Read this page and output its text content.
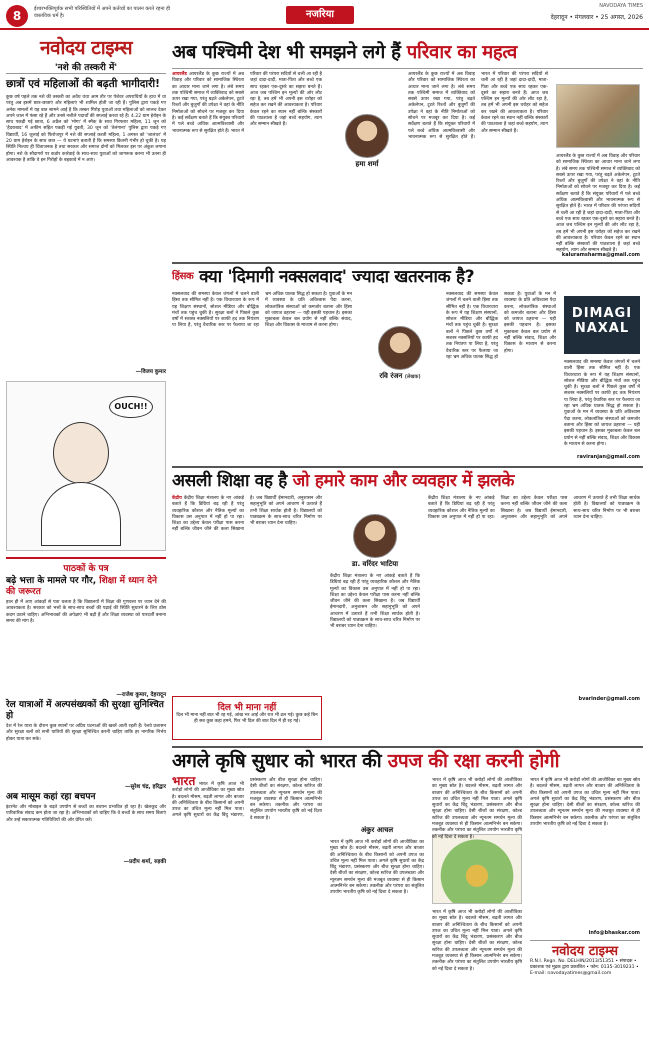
8	ईश्वरभक्तिपूर्वक सभी परिस्थितियों में अपने कर्तव्यों का पालन करते रहना ही वास्तविक धर्म है।	नजरिया
NAVODAYA TIMES
देहरादून • मंगलवार • 25 अगस्त, 2026
नवोदय टाइम्स
'नशे की तस्करी में'
छात्रों एवं महिलाओं की बढ़ती भागीदारी!
कुछ वर्ष पहले तक नशे की तस्करी का अवैध धंधा आम तौर पर पेशेवर अपराधियों के हाथ में था परंतु अब इसमें छात्र-छात्राएं और महिलाएं भी शामिल होती जा रही हैं। पुलिस द्वारा पकड़े गए अनेक मामलों में यह बात सामने आई है कि तस्कर गिरोह युवाओं तथा महिलाओं को लालच देकर अपने जाल में फंसा रहे हैं और उनसे नशीले पदार्थों की सप्लाई करवा रहे हैं। 4.22 ग्राम हेरोइन के साथ पकड़ी गई छात्रा, 6 अप्रैल को 'मोगा' में स्मैक के साथ गिरफ्तार महिला, 11 जून को 'हैदराबाद' में अफीम सहित पकड़ी गई युवती, 30 जून को 'तेलंगाना' पुलिस द्वारा पकड़े गए विद्यार्थी, 16 जुलाई को फिरोजपुर में नशे की सप्लाई करती महिला, 1 अगस्त को 'जालंधर' में 20 ग्राम हेरोइन के साथ छात्र — ये घटनाएं बताती हैं कि समस्या कितनी गंभीर हो चुकी है। यह स्थिति निश्चय ही चिंताजनक है तथा सरकार और समाज दोनों को मिलकर इस पर अंकुश लगाना होगा। नशे के सौदागरों पर कठोर कार्रवाई के साथ-साथ युवाओं को जागरूक करना भी उतना ही आवश्यक है ताकि वे इन गिरोहों के बहकावे में न आएं।
—विजय कुमार
OUCH!!
पाठकों के पत्र
बढ़े भत्ता के मामले पर गौर, शिक्षा में ध्यान देने की जरूरत
हाल ही में आए आंकड़ों से पता चलता है कि विद्यालयों में शिक्षा की गुणवत्ता पर ध्यान देने की आवश्यकता है। सरकार को भत्तों के साथ-साथ बच्चों की पढ़ाई की स्थिति सुधारने के लिए ठोस कदम उठाने चाहिए। अभिभावकों की अपेक्षाएं भी बढ़ी हैं और शिक्षा व्यवस्था को पारदर्शी बनाना समय की मांग है।
—राजेश कुमार, देहरादून
रेल यात्राओं में अल्पसंख्यकों की सुरक्षा सुनिश्चित हो
देश में रेल यात्रा के दौरान कुछ स्थानों पर अप्रिय घटनाओं की खबरें आती रहती हैं। रेलवे प्रशासन और सुरक्षा बलों को सभी यात्रियों की सुरक्षा सुनिश्चित करनी चाहिए ताकि हर नागरिक निर्भय होकर यात्रा कर सके।
—सुरेश चंद्र, हरिद्वार
अब मासूम कहां रहा बचपन
इंटरनेट और मोबाइल के बढ़ते उपयोग से बच्चों का बचपन प्रभावित हो रहा है। खेलकूद और पारिवारिक संवाद कम होता जा रहा है। अभिभावकों को चाहिए कि वे बच्चों के साथ समय बिताएं और उन्हें सकारात्मक गतिविधियों की ओर प्रेरित करें।
—प्रदीप शर्मा, रुड़की
अब पश्चिमी देश भी समझने लगे हैं परिवार का महत्व
आयरलैंड आयरलैंड के कुछ राज्यों में अब विवाह और परिवार को सामाजिक स्थिरता का आधार माना जाने लगा है। लंबे समय तक पश्चिमी समाज में व्यक्तिवाद को सबसे ऊपर रखा गया, परंतु बढ़ते अकेलेपन, टूटते रिश्तों और बुजुर्गों की उपेक्षा ने वहां के नीति निर्माताओं को सोचने पर मजबूर कर दिया है। कई सर्वेक्षण बताते हैं कि संयुक्त परिवारों में पले बच्चे अधिक आत्मविश्वासी और भावनात्मक रूप से सुरक्षित होते हैं। भारत में परिवार की परंपरा सदियों से चली आ रही है जहां दादा-दादी, माता-पिता और बच्चे एक साथ रहकर एक-दूसरे का सहारा बनते हैं। आज जब पश्चिम इन मूल्यों की ओर लौट रहा है, तब हमें भी अपनी इस धरोहर को सहेज कर रखने की आवश्यकता है। परिवार केवल रहने का स्थान नहीं बल्कि संस्कारों की पाठशाला है जहां बच्चे सहयोग, त्याग और सम्मान सीखते हैं।
हमा शर्मा
आयरलैंड के कुछ राज्यों में अब विवाह और परिवार को सामाजिक स्थिरता का आधार माना जाने लगा है। लंबे समय तक पश्चिमी समाज में व्यक्तिवाद को सबसे ऊपर रखा गया, परंतु बढ़ते अकेलेपन, टूटते रिश्तों और बुजुर्गों की उपेक्षा ने वहां के नीति निर्माताओं को सोचने पर मजबूर कर दिया है। कई सर्वेक्षण बताते हैं कि संयुक्त परिवारों में पले बच्चे अधिक आत्मविश्वासी और भावनात्मक रूप से सुरक्षित होते हैं। भारत में परिवार की परंपरा सदियों से चली आ रही है जहां दादा-दादी, माता-पिता और बच्चे एक साथ रहकर एक-दूसरे का सहारा बनते हैं। आज जब पश्चिम इन मूल्यों की ओर लौट रहा है, तब हमें भी अपनी इस धरोहर को सहेज कर रखने की आवश्यकता है। परिवार केवल रहने का स्थान नहीं बल्कि संस्कारों की पाठशाला है जहां बच्चे सहयोग, त्याग और सम्मान सीखते हैं।
आयरलैंड के कुछ राज्यों में अब विवाह और परिवार को सामाजिक स्थिरता का आधार माना जाने लगा है। लंबे समय तक पश्चिमी समाज में व्यक्तिवाद को सबसे ऊपर रखा गया, परंतु बढ़ते अकेलेपन, टूटते रिश्तों और बुजुर्गों की उपेक्षा ने वहां के नीति निर्माताओं को सोचने पर मजबूर कर दिया है। कई सर्वेक्षण बताते हैं कि संयुक्त परिवारों में पले बच्चे अधिक आत्मविश्वासी और भावनात्मक रूप से सुरक्षित होते हैं। भारत में परिवार की परंपरा सदियों से चली आ रही है जहां दादा-दादी, माता-पिता और बच्चे एक साथ रहकर एक-दूसरे का सहारा बनते हैं। आज जब पश्चिम इन मूल्यों की ओर लौट रहा है, तब हमें भी अपनी इस धरोहर को सहेज कर रखने की आवश्यकता है। परिवार केवल रहने का स्थान नहीं बल्कि संस्कारों की पाठशाला है जहां बच्चे सहयोग, त्याग और सम्मान सीखते हैं।
kaluramsharma@gmail.com
$^{हिंसक}$ क्या 'दिमागी नक्सलवाद' ज्यादा खतरनाक है?
नक्सलवाद की समस्या केवल जंगलों में चलने वाली हिंसा तक सीमित नहीं है। एक विचारधारा के रूप में यह शिक्षण संस्थानों, सोशल मीडिया और बौद्धिक मंचों तक पहुंच चुकी है। सुरक्षा बलों ने पिछले कुछ वर्षों में सशस्त्र नक्सलियों पर काफी हद तक नियंत्रण पा लिया है, परंतु वैचारिक स्तर पर फैलाया जा रहा भ्रम अधिक घातक सिद्ध हो सकता है। युवाओं के मन में व्यवस्था के प्रति अविश्वास पैदा करना, लोकतांत्रिक संस्थाओं को कमजोर बताना और हिंसा को जायज ठहराना — यही इसकी पहचान है। इसका मुकाबला केवल बल प्रयोग से नहीं बल्कि संवाद, शिक्षा और विकास के माध्यम से करना होगा।
रवि रंजन (लेखक)
नक्सलवाद की समस्या केवल जंगलों में चलने वाली हिंसा तक सीमित नहीं है। एक विचारधारा के रूप में यह शिक्षण संस्थानों, सोशल मीडिया और बौद्धिक मंचों तक पहुंच चुकी है। सुरक्षा बलों ने पिछले कुछ वर्षों में सशस्त्र नक्सलियों पर काफी हद तक नियंत्रण पा लिया है, परंतु वैचारिक स्तर पर फैलाया जा रहा भ्रम अधिक घातक सिद्ध हो सकता है। युवाओं के मन में व्यवस्था के प्रति अविश्वास पैदा करना, लोकतांत्रिक संस्थाओं को कमजोर बताना और हिंसा को जायज ठहराना — यही इसकी पहचान है। इसका मुकाबला केवल बल प्रयोग से नहीं बल्कि संवाद, शिक्षा और विकास के माध्यम से करना होगा।
DIMAGI
NAXAL
नक्सलवाद की समस्या केवल जंगलों में चलने वाली हिंसा तक सीमित नहीं है। एक विचारधारा के रूप में यह शिक्षण संस्थानों, सोशल मीडिया और बौद्धिक मंचों तक पहुंच चुकी है। सुरक्षा बलों ने पिछले कुछ वर्षों में सशस्त्र नक्सलियों पर काफी हद तक नियंत्रण पा लिया है, परंतु वैचारिक स्तर पर फैलाया जा रहा भ्रम अधिक घातक सिद्ध हो सकता है। युवाओं के मन में व्यवस्था के प्रति अविश्वास पैदा करना, लोकतांत्रिक संस्थाओं को कमजोर बताना और हिंसा को जायज ठहराना — यही इसकी पहचान है। इसका मुकाबला केवल बल प्रयोग से नहीं बल्कि संवाद, शिक्षा और विकास के माध्यम से करना होगा।
raviranjan@gmail.com
असली शिक्षा वह है जो हमारे काम और व्यवहार में झलके
केंद्रीय केंद्रीय शिक्षा मंत्रालय के नए आंकड़े बताते हैं कि डिग्रियां बढ़ रही हैं परंतु व्यवहारिक कौशल और नैतिक मूल्यों का विकास उस अनुपात में नहीं हो पा रहा। शिक्षा का उद्देश्य केवल परीक्षा पास करना नहीं बल्कि जीवन जीने की कला सिखाना है। जब विद्यार्थी ईमानदारी, अनुशासन और सहानुभूति को अपने आचरण में उतारते हैं तभी शिक्षा सार्थक होती है। विद्यालयों को पाठ्यक्रम के साथ-साथ चरित्र निर्माण पर भी बराबर ध्यान देना चाहिए।
डा. वरिंदर भाटिया
केंद्रीय शिक्षा मंत्रालय के नए आंकड़े बताते हैं कि डिग्रियां बढ़ रही हैं परंतु व्यवहारिक कौशल और नैतिक मूल्यों का विकास उस अनुपात में नहीं हो पा रहा। शिक्षा का उद्देश्य केवल परीक्षा पास करना नहीं बल्कि जीवन जीने की कला सिखाना है। जब विद्यार्थी ईमानदारी, अनुशासन और सहानुभूति को अपने आचरण में उतारते हैं तभी शिक्षा सार्थक होती है। विद्यालयों को पाठ्यक्रम के साथ-साथ चरित्र निर्माण पर भी बराबर ध्यान देना चाहिए।
केंद्रीय शिक्षा मंत्रालय के नए आंकड़े बताते हैं कि डिग्रियां बढ़ रही हैं परंतु व्यवहारिक कौशल और नैतिक मूल्यों का विकास उस अनुपात में नहीं हो पा रहा। शिक्षा का उद्देश्य केवल परीक्षा पास करना नहीं बल्कि जीवन जीने की कला सिखाना है। जब विद्यार्थी ईमानदारी, अनुशासन और सहानुभूति को अपने आचरण में उतारते हैं तभी शिक्षा सार्थक होती है। विद्यालयों को पाठ्यक्रम के साथ-साथ चरित्र निर्माण पर भी बराबर ध्यान देना चाहिए।
दिल भी माना नहीं
दिल भी माना नहीं बात भी रह गई, आंख भर आई और रात भी ढल गई। कुछ कहे बिन ही सब कुछ कहा हमने, फिर भी दिल की बात दिल में ही रह गई।
bvarinder@gmail.com
अगले कृषि सुधार को भारत की उपज की रक्षा करनी होगी
भारत भारत में कृषि आज भी करोड़ों लोगों की आजीविका का मुख्य स्रोत है। बदलते मौसम, बढ़ती लागत और बाजार की अनिश्चितता के बीच किसानों को अपनी उपज का उचित मूल्य नहीं मिल पाता। अगले कृषि सुधारों का केंद्र बिंदु भंडारण, प्रसंस्करण और बीज सुरक्षा होना चाहिए। देसी बीजों का संरक्षण, कोल्ड स्टोरेज की उपलब्धता और न्यूनतम समर्थन मूल्य की मजबूत व्यवस्था से ही किसान आत्मनिर्भर बन सकेगा। तकनीक और परंपरा का संतुलित उपयोग भारतीय कृषि को नई दिशा दे सकता है।
अंकुर आचल
भारत में कृषि आज भी करोड़ों लोगों की आजीविका का मुख्य स्रोत है। बदलते मौसम, बढ़ती लागत और बाजार की अनिश्चितता के बीच किसानों को अपनी उपज का उचित मूल्य नहीं मिल पाता। अगले कृषि सुधारों का केंद्र बिंदु भंडारण, प्रसंस्करण और बीज सुरक्षा होना चाहिए। देसी बीजों का संरक्षण, कोल्ड स्टोरेज की उपलब्धता और न्यूनतम समर्थन मूल्य की मजबूत व्यवस्था से ही किसान आत्मनिर्भर बन सकेगा। तकनीक और परंपरा का संतुलित उपयोग भारतीय कृषि को नई दिशा दे सकता है।
भारत में कृषि आज भी करोड़ों लोगों की आजीविका का मुख्य स्रोत है। बदलते मौसम, बढ़ती लागत और बाजार की अनिश्चितता के बीच किसानों को अपनी उपज का उचित मूल्य नहीं मिल पाता। अगले कृषि सुधारों का केंद्र बिंदु भंडारण, प्रसंस्करण और बीज सुरक्षा होना चाहिए। देसी बीजों का संरक्षण, कोल्ड स्टोरेज की उपलब्धता और न्यूनतम समर्थन मूल्य की मजबूत व्यवस्था से ही किसान आत्मनिर्भर बन सकेगा। तकनीक और परंपरा का संतुलित उपयोग भारतीय कृषि को नई दिशा दे सकता है।
भारत में कृषि आज भी करोड़ों लोगों की आजीविका का मुख्य स्रोत है। बदलते मौसम, बढ़ती लागत और बाजार की अनिश्चितता के बीच किसानों को अपनी उपज का उचित मूल्य नहीं मिल पाता। अगले कृषि सुधारों का केंद्र बिंदु भंडारण, प्रसंस्करण और बीज सुरक्षा होना चाहिए। देसी बीजों का संरक्षण, कोल्ड स्टोरेज की उपलब्धता और न्यूनतम समर्थन मूल्य की मजबूत व्यवस्था से ही किसान आत्मनिर्भर बन सकेगा। तकनीक और परंपरा का संतुलित उपयोग भारतीय कृषि को नई दिशा दे सकता है।
भारत में कृषि आज भी करोड़ों लोगों की आजीविका का मुख्य स्रोत है। बदलते मौसम, बढ़ती लागत और बाजार की अनिश्चितता के बीच किसानों को अपनी उपज का उचित मूल्य नहीं मिल पाता। अगले कृषि सुधारों का केंद्र बिंदु भंडारण, प्रसंस्करण और बीज सुरक्षा होना चाहिए। देसी बीजों का संरक्षण, कोल्ड स्टोरेज की उपलब्धता और न्यूनतम समर्थन मूल्य की मजबूत व्यवस्था से ही किसान आत्मनिर्भर बन सकेगा। तकनीक और परंपरा का संतुलित उपयोग भारतीय कृषि को नई दिशा दे सकता है।
info@bhaskar.com
नवोदय टाइम्स
R.N.I. Regn. No. DELHIN/2013/51351 • संपादक • प्रकाशक एवं मुद्रक द्वारा प्रकाशित • फोन: 0135-3019231 • E-mail: navodayatimes@gmail.com
